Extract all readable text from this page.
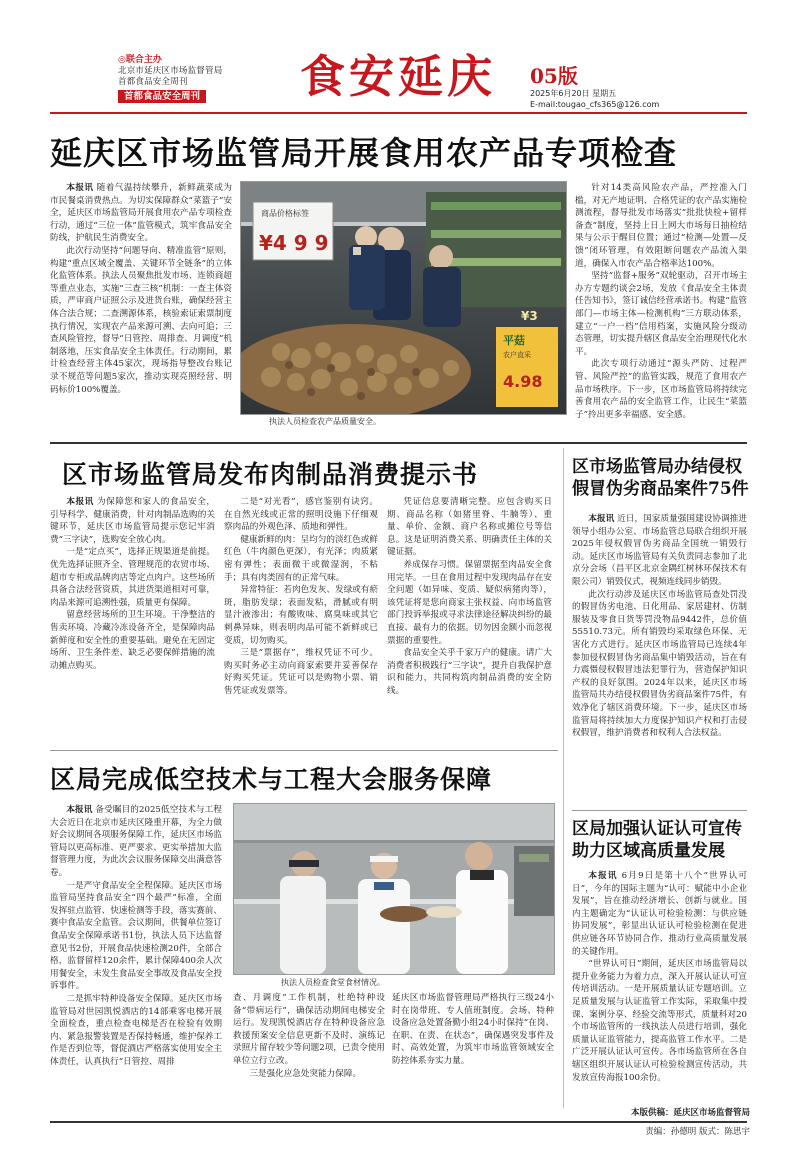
◎联合主办
北京市延庆区市场监督管局
首都食品安全周刊
首都食品安全周刊	食安延庆 05版
2025年6月20日 星期五
E-mail:tougao_cfs365@126.com
延庆区市场监管局开展食用农产品专项检查

本报讯 随着气温持续攀升，新鲜蔬菜成为市民餐桌消费热点。为切实保障群众“菜篮子”安全，延庆区市场监管局开展食用农产品专项检查行动，通过“三位一体”监管模式，筑牢食品安全防线，护航民生消费安全。

此次行动坚持“问题导向、精准监管”原则，构建“重点区域全覆盖、关键环节全链条”的立体化监管体系。执法人员聚焦批发市场、连锁商超等重点业态，实施“三查三核”机制：一查主体资质，严审商户证照公示及进货台账，确保经营主体合法合规；二查溯源体系，核验索证索票制度执行情况，实现农产品来源可溯、去向可追；三查风险管控，督导“日管控、周排查、月调度”机制落地，压实食品安全主体责任。行动期间，累计检查经营主体45家次，现场指导整改台账记录不规范等问题5家次，推动实现亮照经营、明码标价100%覆盖。

商品价格标签
¥4 9 9
平菇
农户直采
4.98
¥3
执法人员检查农产品质量安全。

针对14类高风险农产品，严控准入门槛，对无产地证明、合格凭证的农产品实施检测流程，督导批发市场落实“批批快检+留样备查”制度，坚持上日上网大市场每日抽检结果与公示于醒目位置；通过“检测—处置—反馈”闭环管理，有效阻断问题农产品流入渠道，确保入市农产品合格率达100%。

坚持“监督+服务”双轮驱动，召开市场主办方专题约谈会2场，发放《食品安全主体责任告知书》，签订诚信经营承诺书。构建“监管部门—市场主体—检测机构”三方联动体系，建立“一户一档”信用档案，实施风险分级动态管理，切实提升辖区食品安全治理现代化水平。

此次专项行动通过“源头严防、过程严管、风险严控”的监管实践，规范了食用农产品市场秩序。下一步，区市场监管局将持续完善食用农产品的安全监管工作，让民生“菜篮子”拎出更多幸福感、安全感。

区市场监管局发布肉制品消费提示书

本报讯 为保障您和家人的食品安全，引导科学、健康消费，针对肉制品选购的关键环节，延庆区市场监管局提示您记牢消费“三字诀”，选购安全放心肉。

一是“定点买”，选择正规渠道是前提。优先选择证照齐全、管理规范的农贸市场、超市专柜或品牌肉店等定点肉户。这些场所具备合法经营资质，其进货渠道相对可靠，肉品来源可追溯性强，质量更有保障。

留意经营场所的卫生环境。干净整洁的售卖环境、冷藏冷冻设备齐全，是保障肉品新鲜度和安全性的重要基础。避免在无固定场所、卫生条件差、缺乏必要保鲜措施的流动摊点购买。

二是“对光看”，感官鉴别有诀窍。在自然光线或正常的照明设施下仔细观察肉品的外观色泽、质地和弹性。

健康新鲜的肉：呈均匀的淡红色或鲜红色（牛肉颜色更深），有光泽；肉质紧密有弹性；表面微干或微湿润，不粘手；具有肉类固有的正常气味。

异常特征：若肉色发灰、发绿或有瘀斑，脂肪发绿；表面发粘，滑腻或有明显汁液渗出；有酸败味、腐臭味或其它刺鼻异味，则表明肉品可能不新鲜或已变质，切勿购买。

三是“票据存”，维权凭证不可少。购买时务必主动向商家索要并妥善保存好购买凭证。凭证可以是购物小票、销售凭证或发票等。

凭证信息要清晰完整。应包含购买日期、商品名称（如猪里脊、牛腩等）、重量、单价、金额、商户名称或摊位号等信息。这是证明消费关系、明确责任主体的关键证据。

养成保存习惯。保留票据至肉品安全食用完毕。一旦在食用过程中发现肉品存在安全问题（如异味、变质、疑似病猪肉等），该凭证将是您向商家主张权益、向市场监管部门投诉举报或寻求法律途径解决纠纷的最直接、最有力的依据。切勿因金额小而忽视票据的重要性。

食品安全关乎千家万户的健康。请广大消费者积极践行“三字诀”，提升自我保护意识和能力，共同构筑肉制品消费的安全防线。

区市场监管局办结侵权假冒伪劣商品案件75件

本报讯 近日，国家质量强国建设协调推进领导小组办公室、市场监管总局联合组织开展2025年侵权假冒伪劣商品全国统一销毁行动。延庆区市场监管局有关负责同志参加了北京分会场（昌平区北京金隅红树林环保技术有限公司）销毁仪式，视频连线同步销毁。

此次行动涉及延庆区市场监管局查处罚没的假冒伪劣电池、日化用品、家居建材、仿制服装及零食日货等罚没物品9442件，总价值55510.73元。所有销毁均采取绿色环保、无害化方式进行。延庆区市场监管局已连续4年参加侵权假冒伪劣商品集中销毁活动，旨在有力震慑侵权假冒违法犯罪行为，营造保护知识产权的良好氛围。2024年以来，延庆区市场监管局共办结侵权假冒伪劣商品案件75件，有效净化了辖区消费环境。下一步，延庆区市场监管局将持续加大力度保护知识产权和打击侵权假冒，维护消费者和权利人合法权益。

区局完成低空技术与工程大会服务保障

本报讯 备受瞩目的2025低空技术与工程大会近日在北京市延庆区隆重开幕，为全力做好会议期间各项服务保障工作，延庆区市场监管局以更高标准、更严要求、更实举措加大监督管理力度，为此次会议服务保障交出满意答卷。

一是严守食品安全全程保障。延庆区市场监管局坚持食品安全“四个最严”标准，全面发挥驻点监管、快速检测等手段，落实赛前、赛中食品安全监管。会议期间，供餐单位签订食品安全保障承诺书1份，执法人员下达监督意见书2份，开展食品快速检测20件，全部合格，监督留样120余件，累计保障400余人次用餐安全，未发生食品安全事故及食品安全投诉事件。

二是抓牢特种设备安全保障。延庆区市场监管局对世园凯悦酒店的14部乘客电梯开展全面检查，重点检查电梯是否在检验有效期内、紧急报警装置是否保持畅通，维护保养工作是否到位等，督促酒店严格落实使用安全主体责任，认真执行“日管控、周排

执法人员检查食堂食材情况。

查、月调度”工作机制，杜绝特种设备“带病运行”，确保活动期间电梯安全运行。发现凯悦酒店存在特种设备应急救援预案安全信息更新不及时、演练记录照片留存较少等问题2项，已责令使用单位立行立改。

三是强化应急处突能力保障。

延庆区市场监督管理局严格执行三级24小时在岗带班、专人值班制度。会场、特种设备应急处置备勤小组24小时保持“在岗、在职、在责、在状态”，确保遇突发事件及时、高效处置，为筑牢市场监管领域安全防控体系夯实力量。

区局加强认证认可宣传助力区域高质量发展

本报讯 6月9日是第十八个“世界认可日”，今年的国际主题为“认可：赋能中小企业发展”，旨在推动经济增长、创新与就业。国内主题确定为“认证认可检验检测：与供应链协同发展”，彰显出认证认可检验检测在促进供应链各环节协同合作、推动行业高质量发展的关键作用。

“世界认可日”期间，延庆区市场监管局以提升业务能力为着力点，深入开展认证认可宣传培训活动。一是开展质量认证专题培训。立足质量发展与认证监管工作实际，采取集中授课、案例分享、经验交流等形式，质量科对20个市场监管所的一线执法人员进行培训，强化质量认证监管能力，提高监管工作水平。二是广泛开展认证认可宣传。各市场监管所在各自辖区组织开展认证认可检验检测宣传活动，共发放宣传海报100余份。

本版供稿：延庆区市场监督管局
责编：孙德明 版式：陈思宇
